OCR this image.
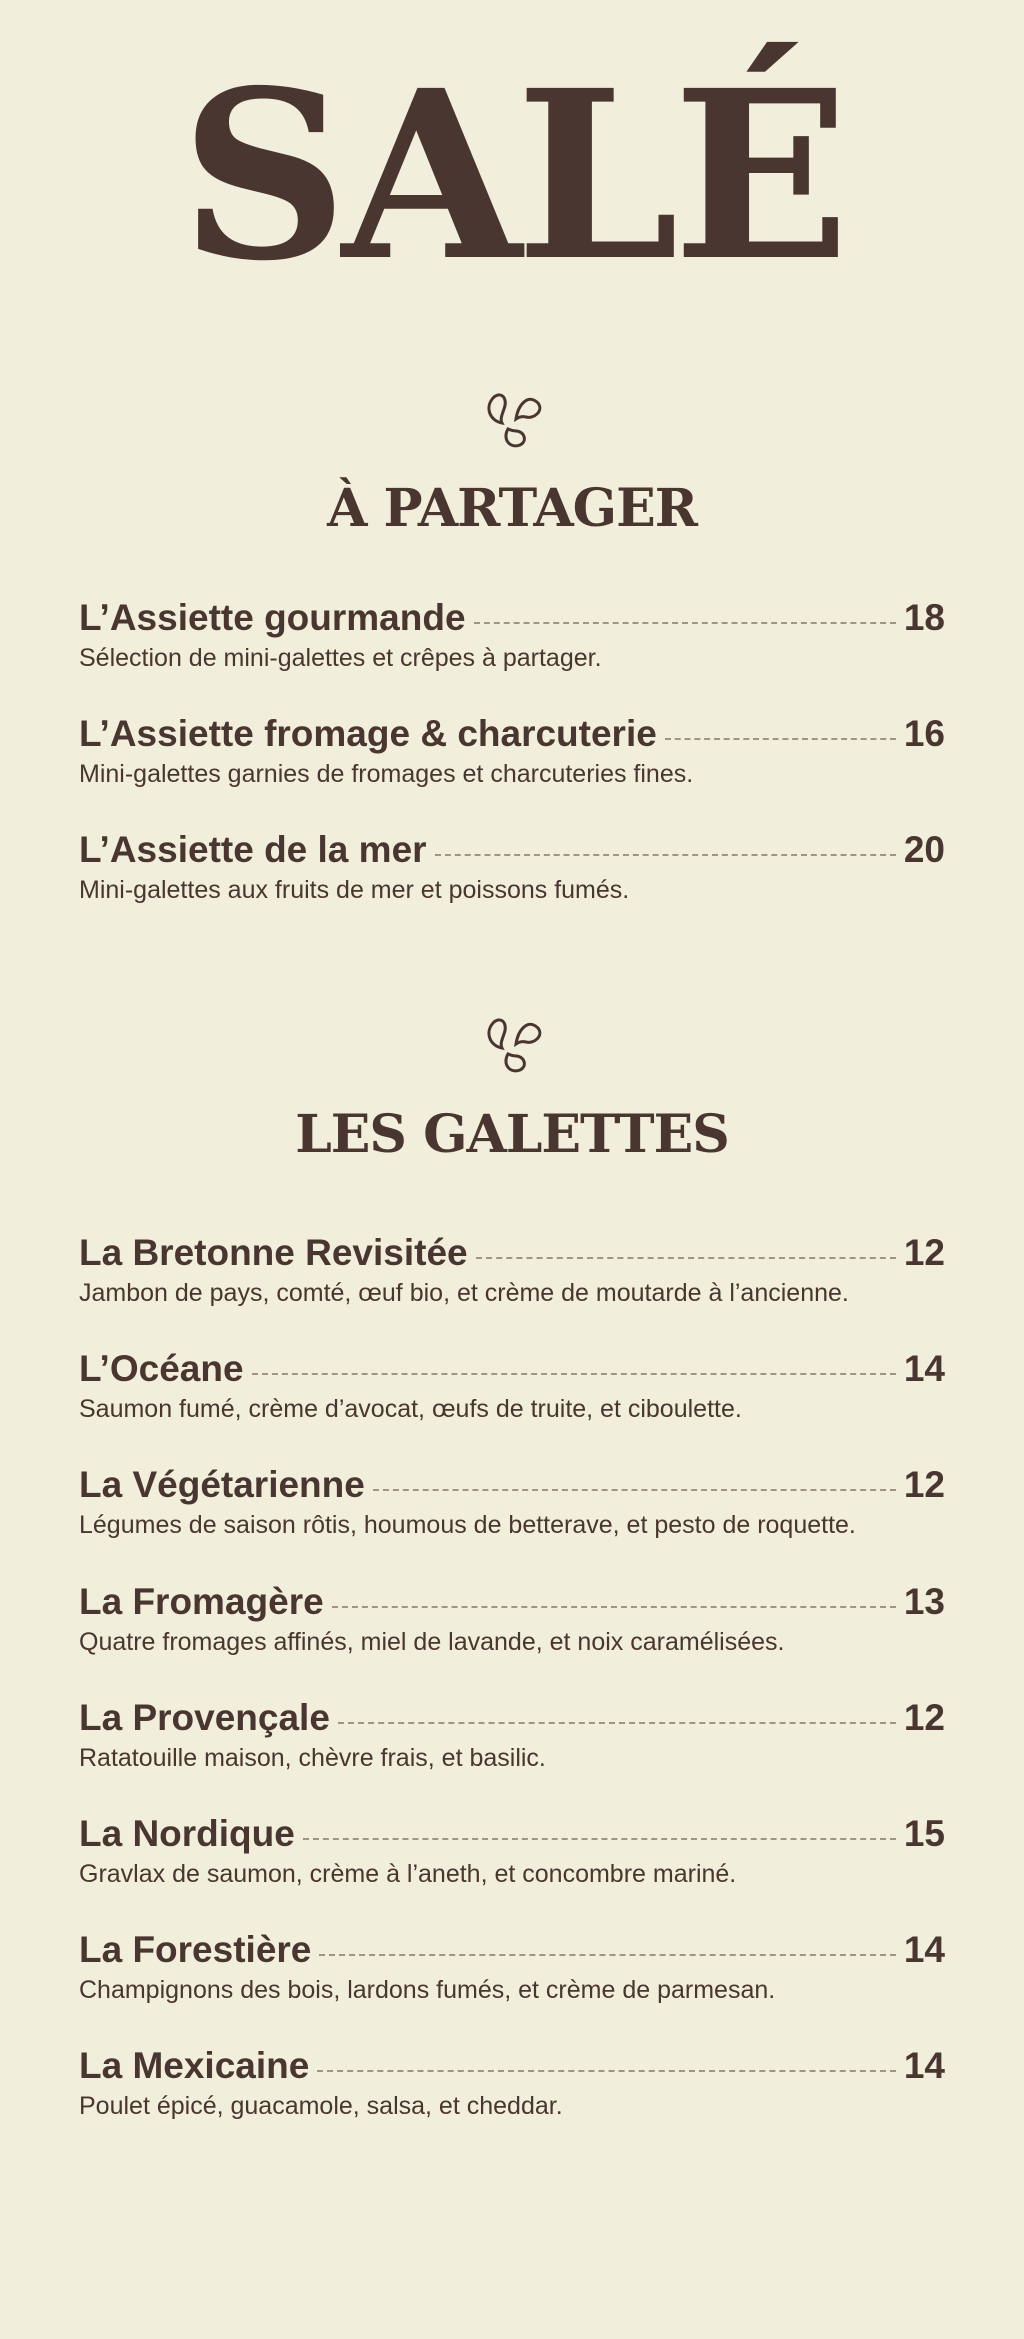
SALÉ
À PARTAGER
L’Assiette gourmande	18
Sélection de mini-galettes et crêpes à partager.
L’Assiette fromage & charcuterie	16
Mini-galettes garnies de fromages et charcuteries fines.
L’Assiette de la mer	20
Mini-galettes aux fruits de mer et poissons fumés.
LES GALETTES
La Bretonne Revisitée	12
Jambon de pays, comté, œuf bio, et crème de moutarde à l’ancienne.
L’Océane	14
Saumon fumé, crème d’avocat, œufs de truite, et ciboulette.
La Végétarienne	12
Légumes de saison rôtis, houmous de betterave, et pesto de roquette.
La Fromagère	13
Quatre fromages affinés, miel de lavande, et noix caramélisées.
La Provençale	12
Ratatouille maison, chèvre frais, et basilic.
La Nordique	15
Gravlax de saumon, crème à l’aneth, et concombre mariné.
La Forestière	14
Champignons des bois, lardons fumés, et crème de parmesan.
La Mexicaine	14
Poulet épicé, guacamole, salsa, et cheddar.
